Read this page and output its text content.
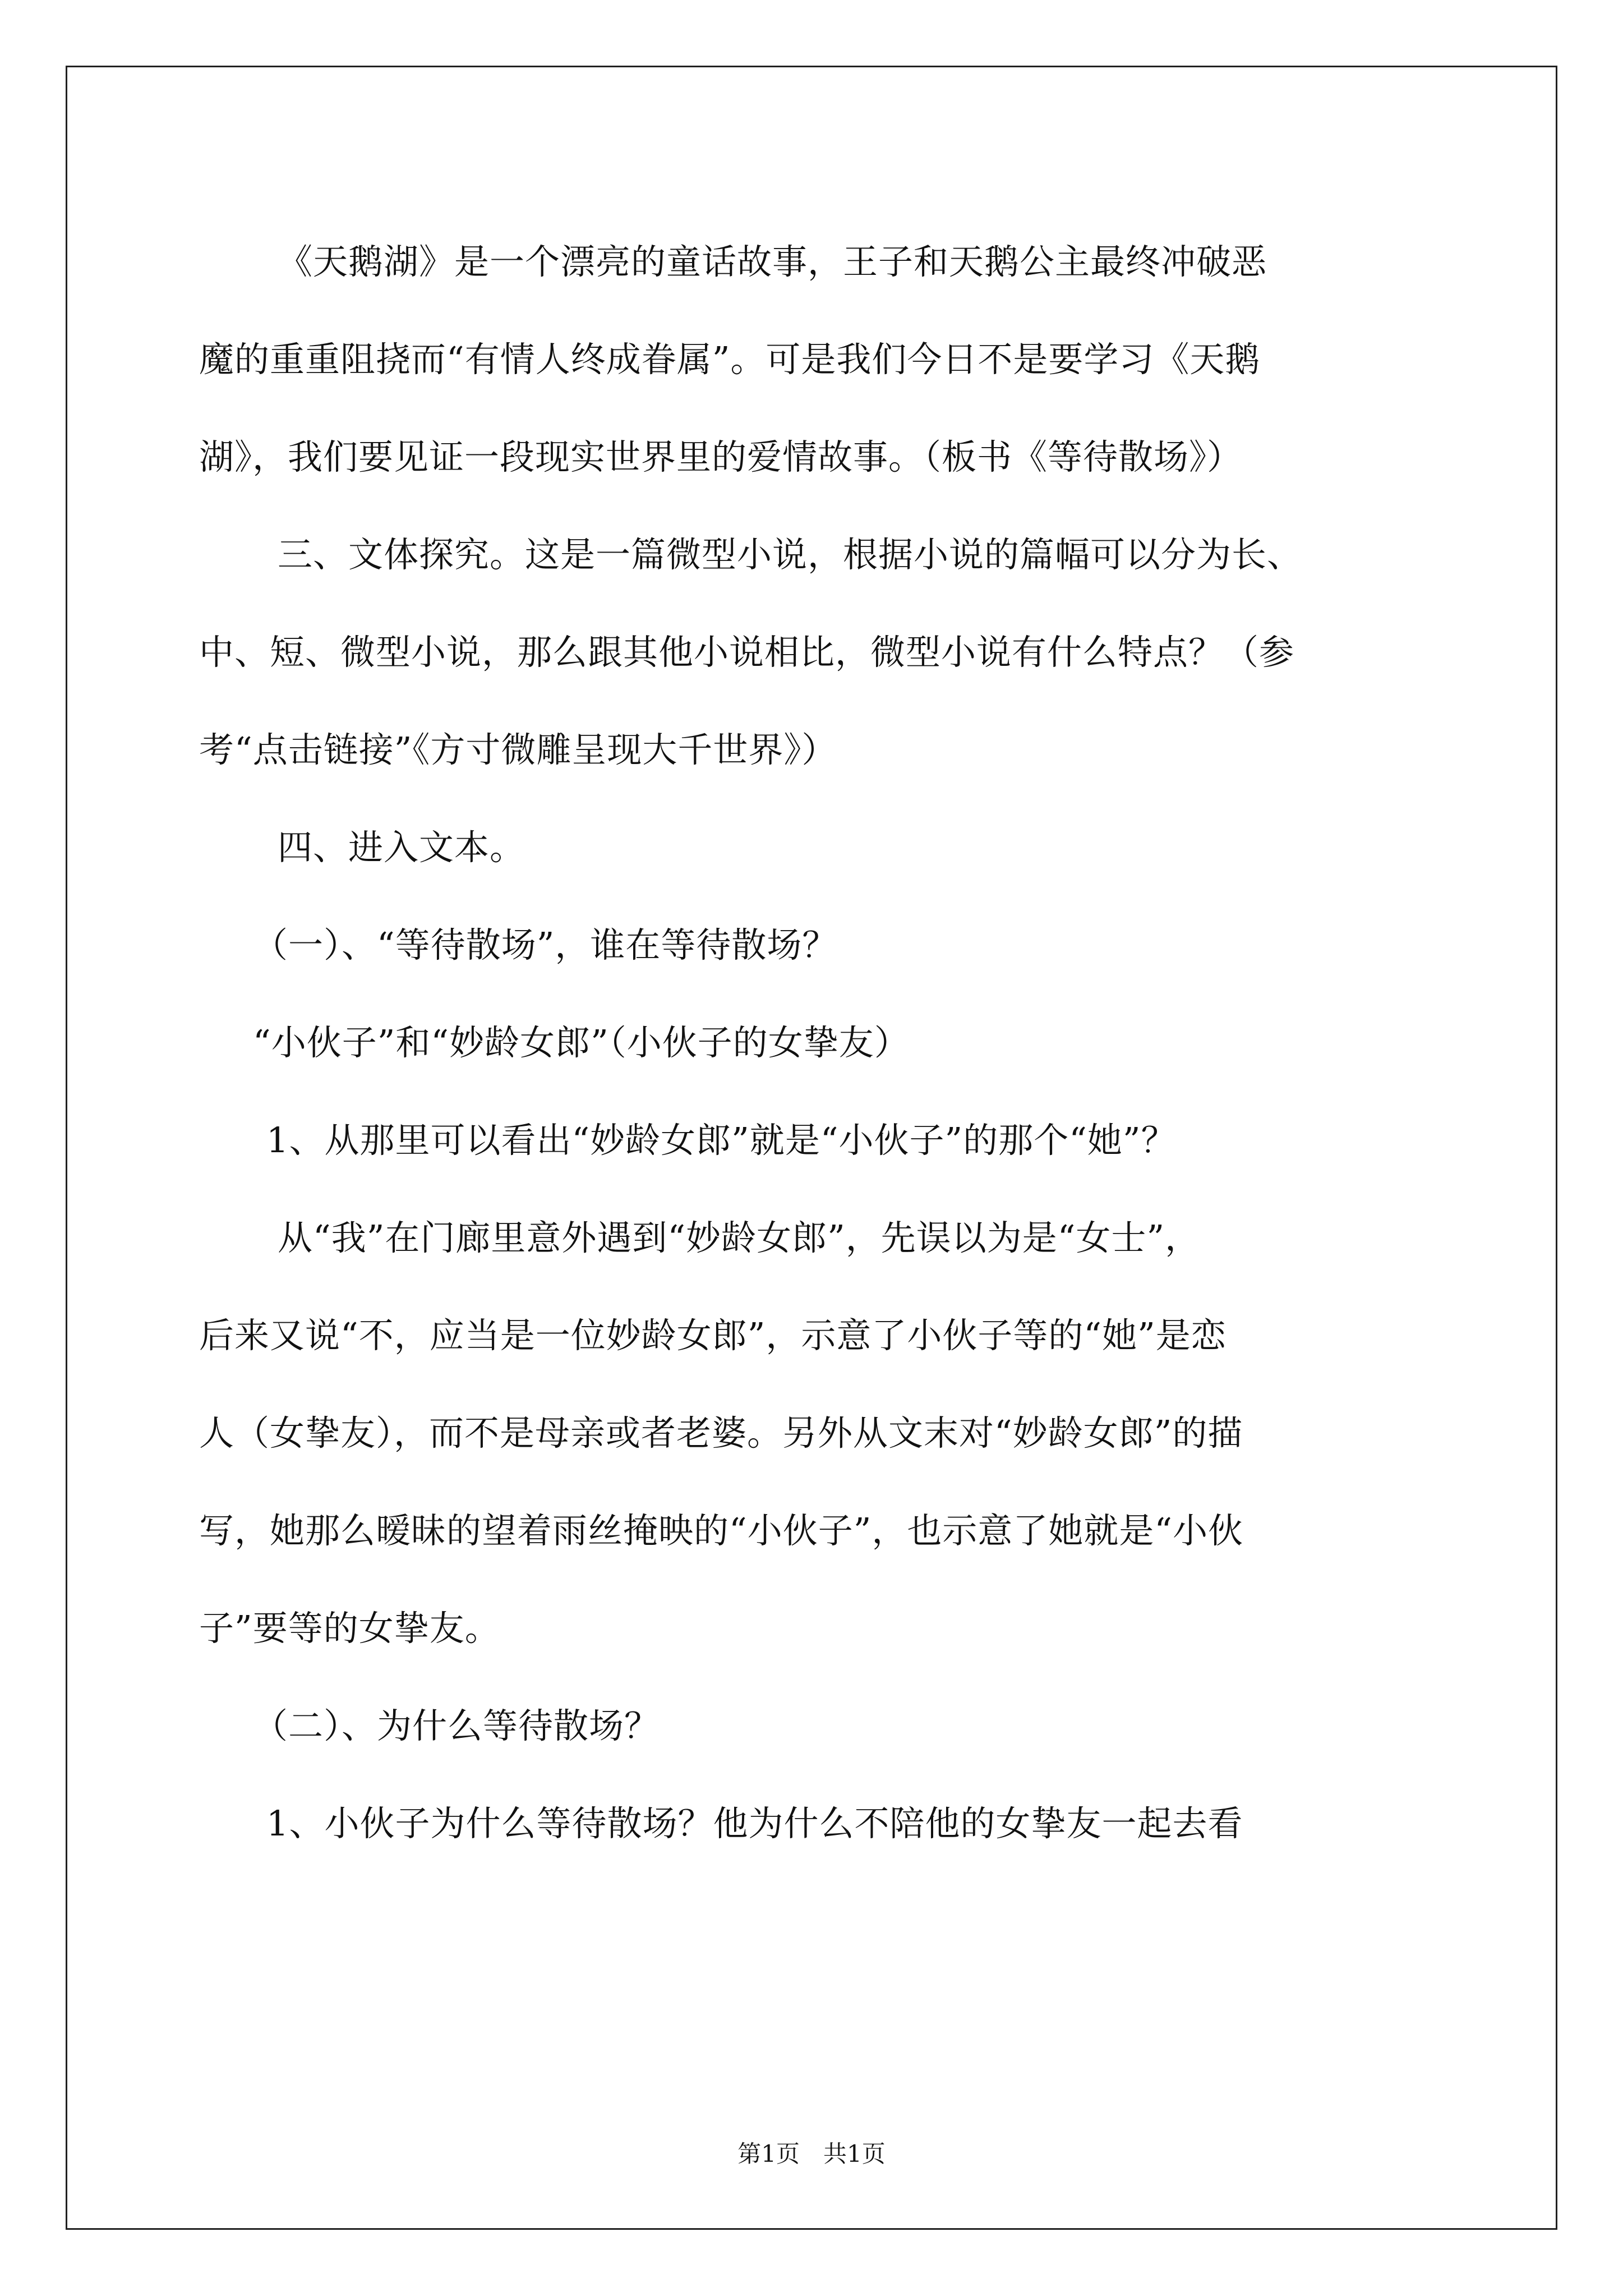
《天鹅湖》是一个漂亮的童话故事，王子和天鹅公主最终冲破恶
魔的重重阻挠而“有情人终成眷属”。可是我们今日不是要学习《天鹅
湖》，我们要见证一段现实世界里的爱情故事。（板书《等待散场》）
三、文体探究。这是一篇微型小说，根据小说的篇幅可以分为长、
中、短、微型小说，那么跟其他小说相比，微型小说有什么特点？（参
考“点击链接”《方寸微雕呈现大千世界》）
四、进入文本。
（一）、“等待散场”，谁在等待散场？
“小伙子”和“妙龄女郎”（小伙子的女挚友）
1、从那里可以看出“妙龄女郎”就是“小伙子”的那个“她”？
从“我”在门廊里意外遇到“妙龄女郎”，先误以为是“女士”，
后来又说“不，应当是一位妙龄女郎”，示意了小伙子等的“她”是恋
人（女挚友），而不是母亲或者老婆。另外从文末对“妙龄女郎”的描
写，她那么暧昧的望着雨丝掩映的“小伙子”，也示意了她就是“小伙
子”要等的女挚友。
（二）、为什么等待散场？
1、小伙子为什么等待散场？他为什么不陪他的女挚友一起去看
第1页　共1页
